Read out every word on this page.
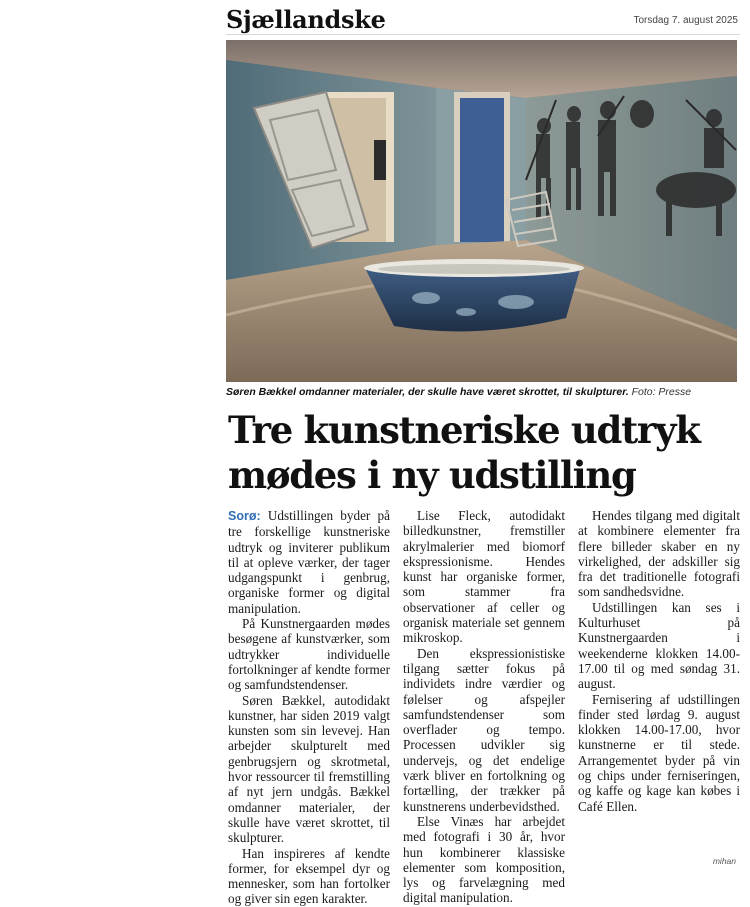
Sjællandske	Torsdag 7. august 2025
Søren Bækkel omdanner materialer, der skulle have været skrottet, til skulpturer. Foto: Presse
Tre kunstneriske udtryk
mødes i ny udstilling

Sorø: Udstillingen byder på tre forskellige kunstneriske udtryk og inviterer publikum til at opleve værker, der tager udgangspunkt i genbrug, organiske former og digital manipulation.

På Kunstnergaarden mødes besøgene af kunstværker, som udtrykker individuelle fortolkninger af kendte former og samfundstendenser.

Søren Bækkel, autodidakt kunstner, har siden 2019 valgt kunsten som sin levevej. Han arbejder skulpturelt med genbrugsjern og skrotmetal, hvor ressourcer til fremstilling af nyt jern undgås. Bækkel omdanner materialer, der skulle have været skrottet, til skulpturer.

Han inspireres af kendte former, for eksempel dyr og mennesker, som han fortolker og giver sin egen karakter.

Lise Fleck, autodidakt billedkunstner, fremstiller akrylmalerier med biomorf ekspressionisme. Hendes kunst har organiske former, som stammer fra observationer af celler og organisk materiale set gennem mikroskop.

Den ekspressionistiske tilgang sætter fokus på individets indre værdier og følelser og afspejler samfundstendenser som overflader og tempo. Processen udvikler sig undervejs, og det endelige værk bliver en fortolkning og fortælling, der trækker på kunstnerens underbevidsthed.

Else Vinæs har arbejdet med fotografi i 30 år, hvor hun kombinerer klassiske elementer som komposition, lys og farvelægning med digital manipulation.

Hendes tilgang med digitalt at kombinere elementer fra flere billeder skaber en ny virkelighed, der adskiller sig fra det traditionelle fotografi som sandhedsvidne.

Udstillingen kan ses i Kulturhuset på Kunstnergaarden i weekenderne klokken 14.00-17.00 til og med søndag 31. august.

Fernisering af udstillingen finder sted lørdag 9. august klokken 14.00-17.00, hvor kunstnerne er til stede. Arrangementet byder på vin og chips under ferniseringen, og kaffe og kage kan købes i Café Ellen.

mihan
